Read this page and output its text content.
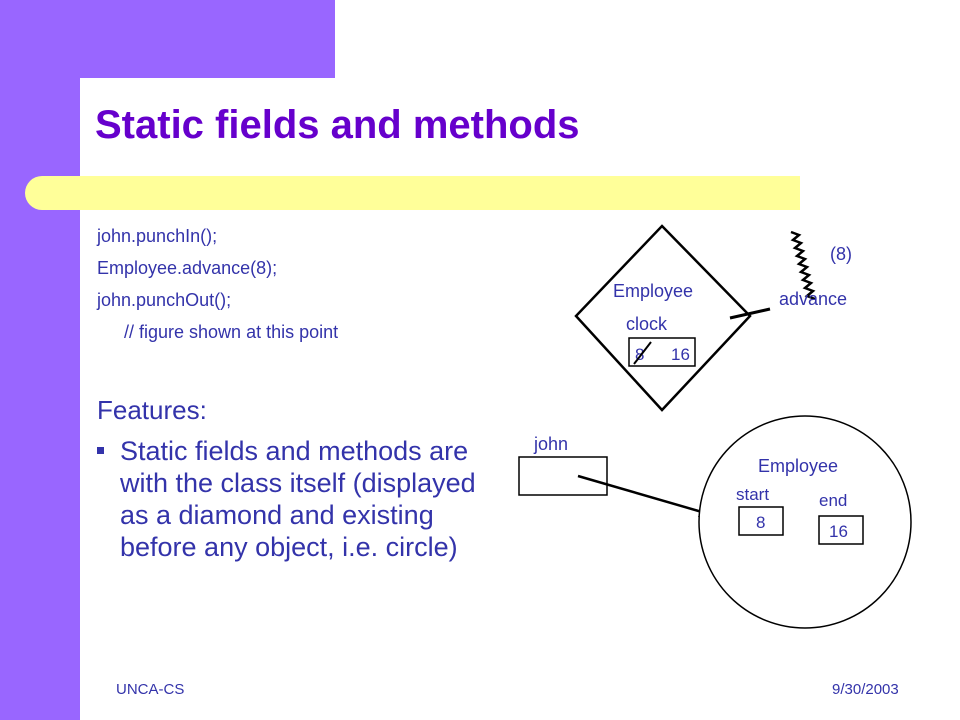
Static fields and methods
john.punchIn();
Employee.advance(8);
john.punchOut();
// figure shown at this point
Features:
Static fields and methods are with the class itself (displayed as a diamond and existing before any object, i.e. circle)
Employee
clock
8 16
(8)
advance
john
Employee
start
8
end
16
UNCA-CS	9/30/2003
